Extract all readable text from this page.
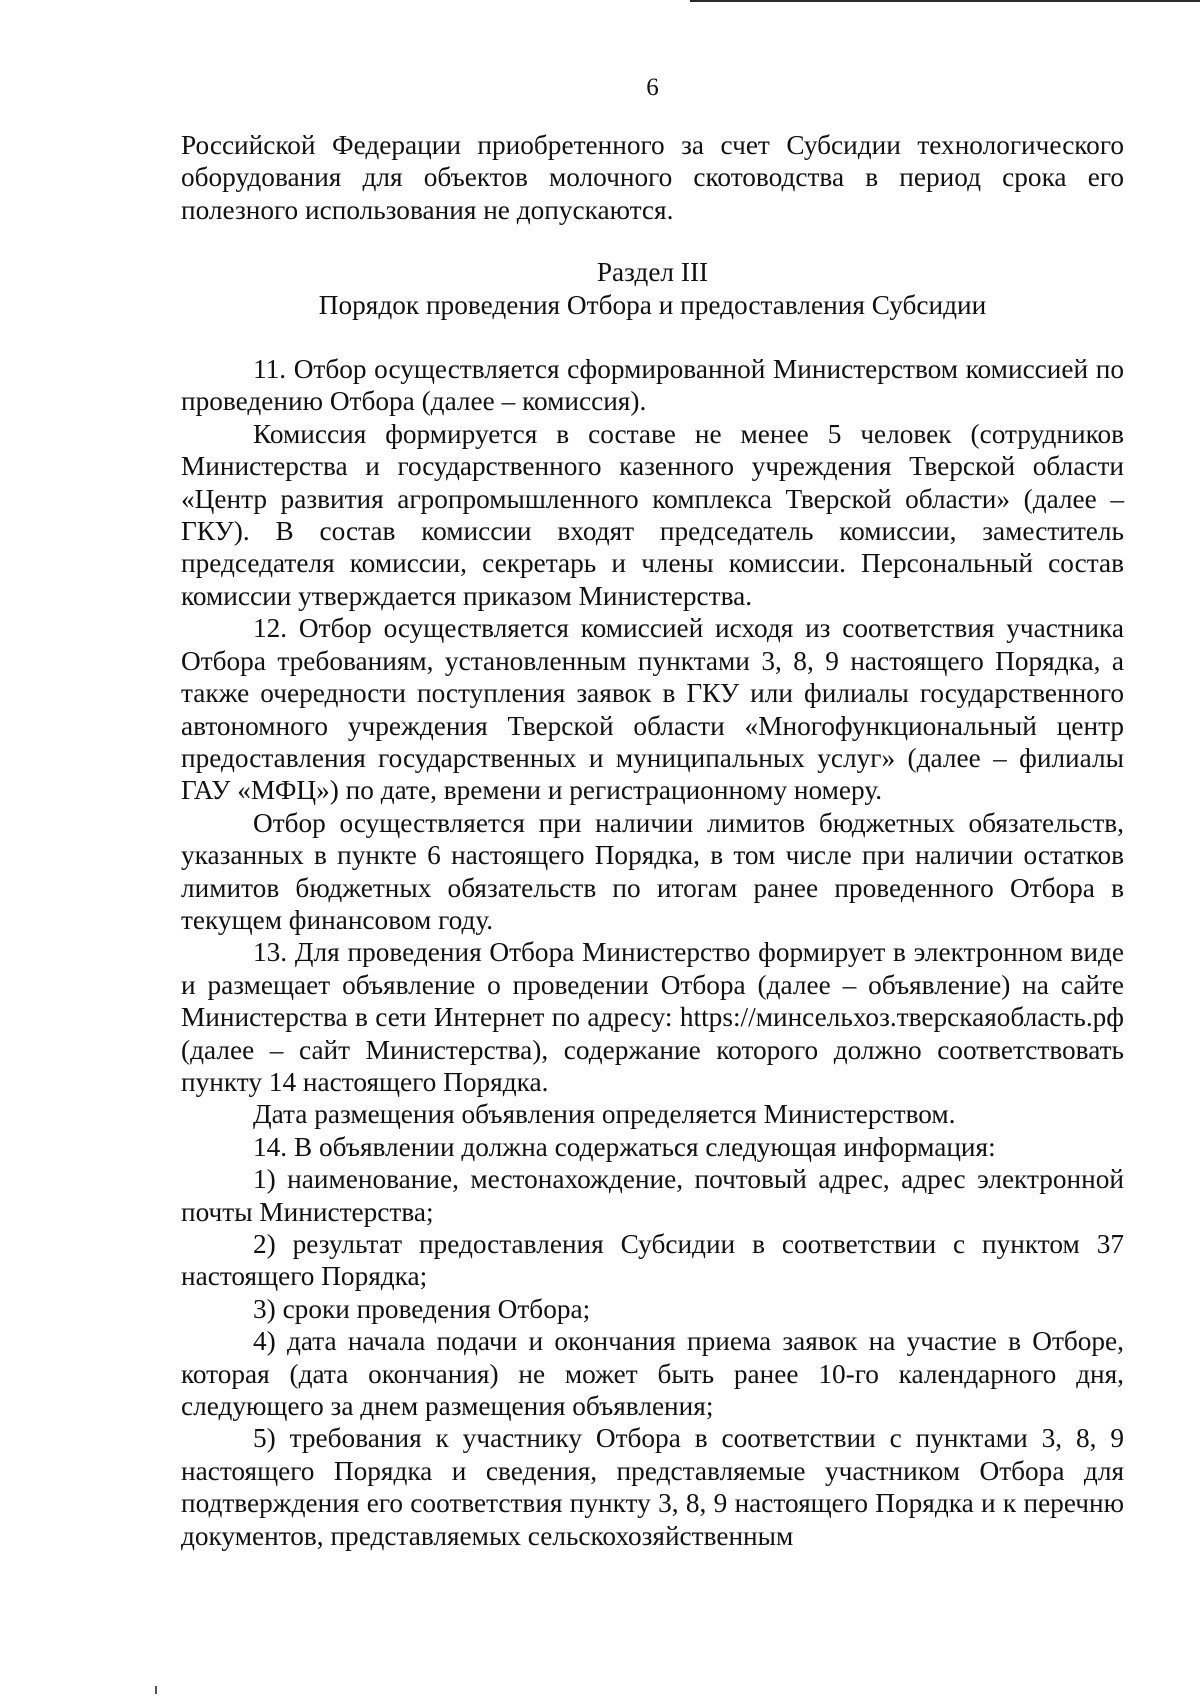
6

Российской Федерации приобретенного за счет Субсидии технологического оборудования для объектов молочного скотоводства в период срока его полезного использования не допускаются.

Раздел III

Порядок проведения Отбора и предоставления Субсидии

11. Отбор осуществляется сформированной Министерством комиссией по проведению Отбора (далее – комиссия).

Комиссия формируется в составе не менее 5 человек (сотрудников Министерства и государственного казенного учреждения Тверской области «Центр развития агропромышленного комплекса Тверской области» (далее – ГКУ). В состав комиссии входят председатель комиссии, заместитель председателя комиссии, секретарь и члены комиссии. Персональный состав комиссии утверждается приказом Министерства.

12. Отбор осуществляется комиссией исходя из соответствия участника Отбора требованиям, установленным пунктами 3, 8, 9 настоящего Порядка, а также очередности поступления заявок в ГКУ или филиалы государственного автономного учреждения Тверской области «Многофункциональный центр предоставления государственных и муниципальных услуг» (далее – филиалы ГАУ «МФЦ») по дате, времени и регистрационному номеру.

Отбор осуществляется при наличии лимитов бюджетных обязательств, указанных в пункте 6 настоящего Порядка, в том числе при наличии остатков лимитов бюджетных обязательств по итогам ранее проведенного Отбора в текущем финансовом году.

13. Для проведения Отбора Министерство формирует в электронном виде и размещает объявление о проведении Отбора (далее – объявление) на сайте Министерства в сети Интернет по адресу: https://минсельхоз.тверскаяобласть.рф (далее – сайт Министерства), содержание которого должно соответствовать пункту 14 настоящего Порядка.

Дата размещения объявления определяется Министерством.

14. В объявлении должна содержаться следующая информация:

1) наименование, местонахождение, почтовый адрес, адрес электронной почты Министерства;

2) результат предоставления Субсидии в соответствии с пунктом 37 настоящего Порядка;

3) сроки проведения Отбора;

4) дата начала подачи и окончания приема заявок на участие в Отборе, которая (дата окончания) не может быть ранее 10-го календарного дня, следующего за днем размещения объявления;

5) требования к участнику Отбора в соответствии с пунктами 3, 8, 9 настоящего Порядка и сведения, представляемые участником Отбора для подтверждения его соответствия пункту 3, 8, 9 настоящего Порядка и к перечню документов, представляемых сельскохозяйственным
